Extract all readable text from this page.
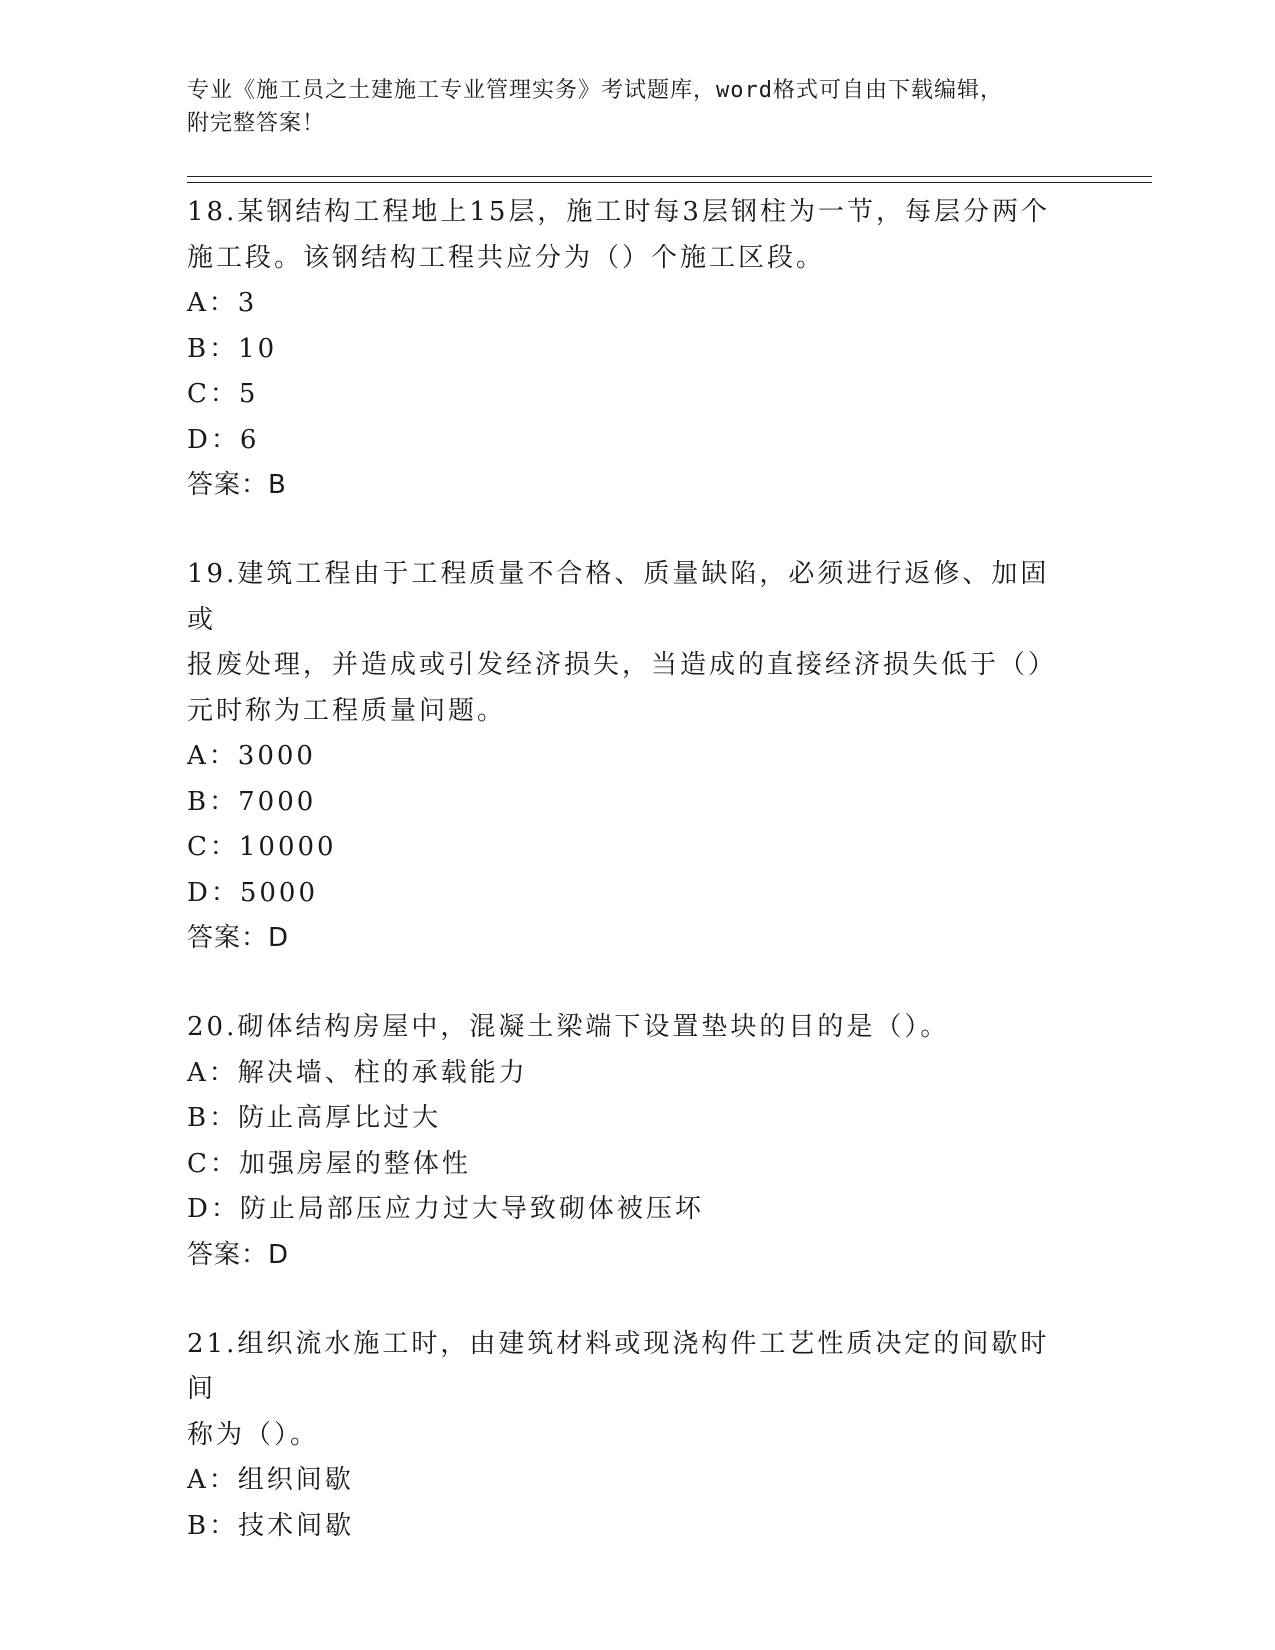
专业《施工员之土建施工专业管理实务》考试题库，word格式可自由下载编辑，
附完整答案！

18.某钢结构工程地上15层，施工时每3层钢柱为一节，每层分两个

施工段。该钢结构工程共应分为（）个施工区段。

A：3

B：10

C：5

D：6

答案：B

19.建筑工程由于工程质量不合格、质量缺陷，必须进行返修、加固或

报废处理，并造成或引发经济损失，当造成的直接经济损失低于（）

元时称为工程质量问题。

A：3000

B：7000

C：10000

D：5000

答案：D

20.砌体结构房屋中，混凝土梁端下设置垫块的目的是（）。

A：解决墙、柱的承载能力

B：防止高厚比过大

C：加强房屋的整体性

D：防止局部压应力过大导致砌体被压坏

答案：D

21.组织流水施工时，由建筑材料或现浇构件工艺性质决定的间歇时间

称为（）。

A：组织间歇

B：技术间歇
